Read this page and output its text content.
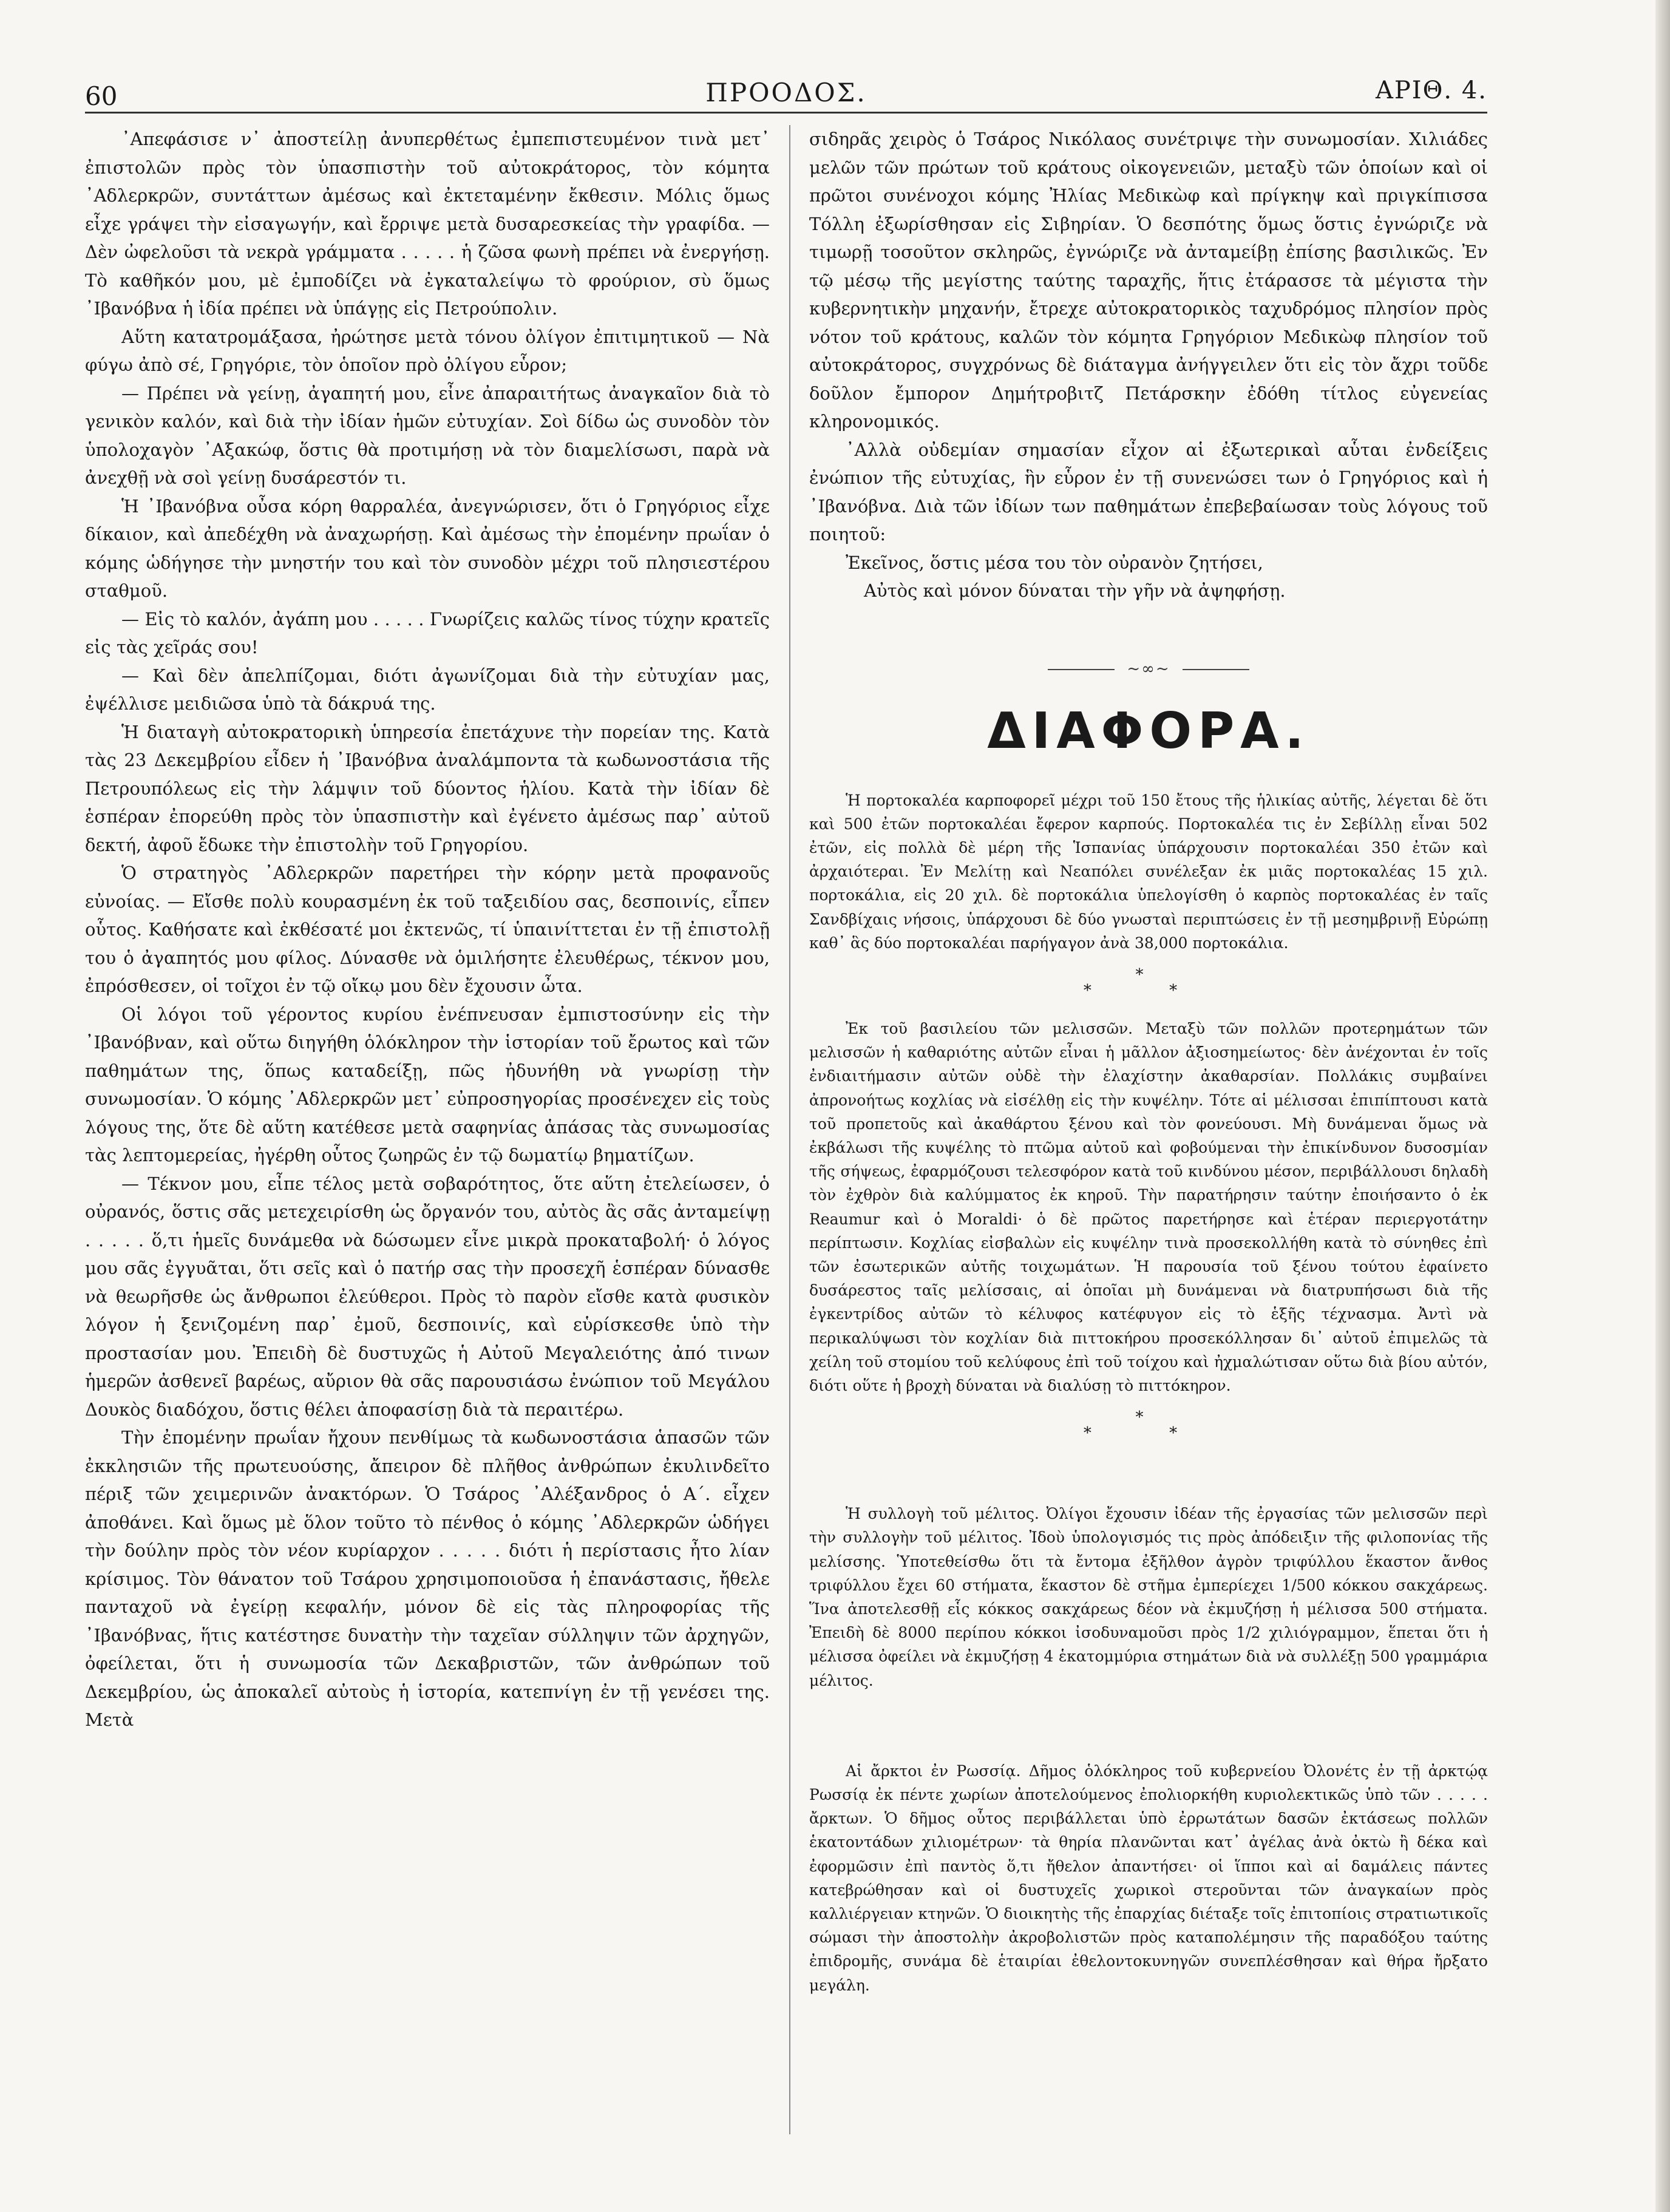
60	ΠΡΟΟΔΟΣ.	ΑΡΙΘ. 4.

᾿Απεφάσισε ν᾿ ἀποστείλῃ ἀνυπερθέτως ἐμπεπιστευμένον τινὰ μετ᾿ ἐπιστολῶν πρὸς τὸν ὑπασπιστὴν τοῦ αὐτοκράτορος, τὸν κόμητα ᾿Αδλερκρῶν, συντάττων ἀμέσως καὶ ἐκτεταμένην ἔκθεσιν. Μόλις ὅμως εἶχε γράψει τὴν εἰσαγωγήν, καὶ ἔρριψε μετὰ δυσαρεσκείας τὴν γραφίδα. — Δὲν ὠφελοῦσι τὰ νεκρὰ γράμματα . . . . . ἡ ζῶσα φωνὴ πρέπει νὰ ἐνεργήσῃ. Τὸ καθῆκόν μου, μὲ ἐμποδίζει νὰ ἐγκαταλείψω τὸ φρούριον, σὺ ὅμως ᾿Ιβανόβνα ἡ ἰδία πρέπει νὰ ὑπάγῃς εἰς Πετρούπολιν.

Αὕτη κατατρομάξασα, ἠρώτησε μετὰ τόνου ὀλίγον ἐπιτιμητικοῦ — Νὰ φύγω ἀπὸ σέ, Γρηγόριε, τὸν ὁποῖον πρὸ ὀλίγου εὗρον;

— Πρέπει νὰ γείνῃ, ἀγαπητή μου, εἶνε ἀπαραιτήτως ἀναγκαῖον διὰ τὸ γενικὸν καλόν, καὶ διὰ τὴν ἰδίαν ἡμῶν εὐτυχίαν. Σοὶ δίδω ὡς συνοδὸν τὸν ὑπολοχαγὸν ᾿Αξακώφ, ὅστις θὰ προτιμήσῃ νὰ τὸν διαμελίσωσι, παρὰ νὰ ἀνεχθῇ νὰ σοὶ γείνῃ δυσάρεστόν τι.

Ἡ ᾿Ιβανόβνα οὖσα κόρη θαρραλέα, ἀνεγνώρισεν, ὅτι ὁ Γρηγόριος εἶχε δίκαιον, καὶ ἀπεδέχθη νὰ ἀναχωρήσῃ. Καὶ ἀμέσως τὴν ἐπομένην πρωΐαν ὁ κόμης ὡδήγησε τὴν μνηστήν του καὶ τὸν συνοδὸν μέχρι τοῦ πλησιεστέρου σταθμοῦ.

— Εἰς τὸ καλόν, ἀγάπη μου . . . . . Γνωρίζεις καλῶς τίνος τύχην κρατεῖς εἰς τὰς χεῖράς σου!

— Καὶ δὲν ἀπελπίζομαι, διότι ἀγωνίζομαι διὰ τὴν εὐτυχίαν μας, ἐψέλλισε μειδιῶσα ὑπὸ τὰ δάκρυά της.

Ἡ διαταγὴ αὐτοκρατορικὴ ὑπηρεσία ἐπετάχυνε τὴν πορείαν της. Κατὰ τὰς 23 Δεκεμβρίου εἶδεν ἡ ᾿Ιβανόβνα ἀναλάμποντα τὰ κωδωνοστάσια τῆς Πετρουπόλεως εἰς τὴν λάμψιν τοῦ δύοντος ἡλίου. Κατὰ τὴν ἰδίαν δὲ ἑσπέραν ἐπορεύθη πρὸς τὸν ὑπασπιστὴν καὶ ἐγένετο ἀμέσως παρ᾿ αὐτοῦ δεκτή, ἀφοῦ ἔδωκε τὴν ἐπιστολὴν τοῦ Γρηγορίου.

Ὁ στρατηγὸς ᾿Αδλερκρῶν παρετήρει τὴν κόρην μετὰ προφανοῦς εὐνοίας. — Εἴσθε πολὺ κουρασμένη ἐκ τοῦ ταξειδίου σας, δεσποινίς, εἶπεν οὗτος. Καθήσατε καὶ ἐκθέσατέ μοι ἐκτενῶς, τί ὑπαινίττεται ἐν τῇ ἐπιστολῇ του ὁ ἀγαπητός μου φίλος. Δύνασθε νὰ ὁμιλήσητε ἐλευθέρως, τέκνον μου, ἐπρόσθεσεν, οἱ τοῖχοι ἐν τῷ οἴκῳ μου δὲν ἔχουσιν ὦτα.

Οἱ λόγοι τοῦ γέροντος κυρίου ἐνέπνευσαν ἐμπιστοσύνην εἰς τὴν ᾿Ιβανόβναν, καὶ οὕτω διηγήθη ὁλόκληρον τὴν ἱστορίαν τοῦ ἔρωτος καὶ τῶν παθημάτων της, ὅπως καταδείξῃ, πῶς ἠδυνήθη νὰ γνωρίσῃ τὴν συνωμοσίαν. Ὁ κόμης ᾿Αδλερκρῶν μετ᾿ εὐπροσηγορίας προσένεχεν εἰς τοὺς λόγους της, ὅτε δὲ αὕτη κατέθεσε μετὰ σαφηνίας ἁπάσας τὰς συνωμοσίας τὰς λεπτομερείας, ἠγέρθη οὗτος ζωηρῶς ἐν τῷ δωματίῳ βηματίζων.

— Τέκνον μου, εἶπε τέλος μετὰ σοβαρότητος, ὅτε αὕτη ἐτελείωσεν, ὁ οὐρανός, ὅστις σᾶς μετεχειρίσθη ὡς ὄργανόν του, αὐτὸς ἂς σᾶς ἀνταμείψῃ . . . . . ὅ,τι ἡμεῖς δυνάμεθα νὰ δώσωμεν εἶνε μικρὰ προκαταβολή· ὁ λόγος μου σᾶς ἐγγυᾶται, ὅτι σεῖς καὶ ὁ πατήρ σας τὴν προσεχῆ ἑσπέραν δύνασθε νὰ θεωρῆσθε ὡς ἄνθρωποι ἐλεύθεροι. Πρὸς τὸ παρὸν εἴσθε κατὰ φυσικὸν λόγον ἡ ξενιζομένη παρ᾿ ἐμοῦ, δεσποινίς, καὶ εὑρίσκεσθε ὑπὸ τὴν προστασίαν μου. Ἐπειδὴ δὲ δυστυχῶς ἡ Αὐτοῦ Μεγαλειότης ἀπό τινων ἡμερῶν ἀσθενεῖ βαρέως, αὔριον θὰ σᾶς παρουσιάσω ἐνώπιον τοῦ Μεγάλου Δουκὸς διαδόχου, ὅστις θέλει ἀποφασίσῃ διὰ τὰ περαιτέρω.

Τὴν ἐπομένην πρωΐαν ἤχουν πενθίμως τὰ κωδωνοστάσια ἁπασῶν τῶν ἐκκλησιῶν τῆς πρωτευούσης, ἄπειρον δὲ πλῆθος ἀνθρώπων ἐκυλινδεῖτο πέριξ τῶν χειμερινῶν ἀνακτόρων. Ὁ Τσάρος ᾿Αλέξανδρος ὁ Α΄. εἶχεν ἀποθάνει. Καὶ ὅμως μὲ ὅλον τοῦτο τὸ πένθος ὁ κόμης ᾿Αδλερκρῶν ὡδήγει τὴν δούλην πρὸς τὸν νέον κυρίαρχον . . . . . διότι ἡ περίστασις ἦτο λίαν κρίσιμος. Τὸν θάνατον τοῦ Τσάρου χρησιμοποιοῦσα ἡ ἐπανάστασις, ἤθελε πανταχοῦ νὰ ἐγείρῃ κεφαλήν, μόνον δὲ εἰς τὰς πληροφορίας τῆς ᾿Ιβανόβνας, ἥτις κατέστησε δυνατὴν τὴν ταχεῖαν σύλληψιν τῶν ἀρχηγῶν, ὀφείλεται, ὅτι ἡ συνωμοσία τῶν Δεκαβριστῶν, τῶν ἀνθρώπων τοῦ Δεκεμβρίου, ὡς ἀποκαλεῖ αὐτοὺς ἡ ἱστορία, κατεπνίγη ἐν τῇ γενέσει της. Μετὰ

σιδηρᾶς χειρὸς ὁ Τσάρος Νικόλαος συνέτριψε τὴν συνωμοσίαν. Χιλιάδες μελῶν τῶν πρώτων τοῦ κράτους οἰκογενειῶν, μεταξὺ τῶν ὁποίων καὶ οἱ πρῶτοι συνένοχοι κόμης Ἠλίας Μεδικὼφ καὶ πρίγκηψ καὶ πριγκίπισσα Τόλλη ἐξωρίσθησαν εἰς Σιβηρίαν. Ὁ δεσπότης ὅμως ὅστις ἐγνώριζε νὰ τιμωρῇ τοσοῦτον σκληρῶς, ἐγνώριζε νὰ ἀνταμείβῃ ἐπίσης βασιλικῶς. Ἐν τῷ μέσῳ τῆς μεγίστης ταύτης ταραχῆς, ἥτις ἐτάρασσε τὰ μέγιστα τὴν κυβερνητικὴν μηχανήν, ἔτρεχε αὐτοκρατορικὸς ταχυδρόμος πλησίον πρὸς νότον τοῦ κράτους, καλῶν τὸν κόμητα Γρηγόριον Μεδικὼφ πλησίον τοῦ αὐτοκράτορος, συγχρόνως δὲ διάταγμα ἀνήγγειλεν ὅτι εἰς τὸν ἄχρι τοῦδε δοῦλον ἔμπορον Δημήτροβιτζ Πετάρσκην ἐδόθη τίτλος εὐγενείας κληρονομικός.

᾿Αλλὰ οὐδεμίαν σημασίαν εἶχον αἱ ἐξωτερικαὶ αὗται ἐνδείξεις ἐνώπιον τῆς εὐτυχίας, ἣν εὗρον ἐν τῇ συνενώσει των ὁ Γρηγόριος καὶ ἡ ᾿Ιβανόβνα. Διὰ τῶν ἰδίων των παθημάτων ἐπεβεβαίωσαν τοὺς λόγους τοῦ ποιητοῦ:

Ἐκεῖνος, ὅστις μέσα του τὸν οὐρανὸν ζητήσει,
Αὐτὸς καὶ μόνον δύναται τὴν γῆν νὰ ἀψηφήσῃ.
~∞~
ΔΙΑΦΟΡΑ.

Ἡ πορτοκαλέα καρποφορεῖ μέχρι τοῦ 150 ἔτους τῆς ἡλικίας αὐτῆς, λέγεται δὲ ὅτι καὶ 500 ἐτῶν πορτοκαλέαι ἔφερον καρπούς. Πορτοκαλέα τις ἐν Σεβίλλῃ εἶναι 502 ἐτῶν, εἰς πολλὰ δὲ μέρη τῆς Ἱσπανίας ὑπάρχουσιν πορτοκαλέαι 350 ἐτῶν καὶ ἀρχαιότεραι. Ἐν Μελίτῃ καὶ Νεαπόλει συνέλεξαν ἐκ μιᾶς πορτοκαλέας 15 χιλ. πορτοκάλια, εἰς 20 χιλ. δὲ πορτοκάλια ὑπελογίσθη ὁ καρπὸς πορτοκαλέας ἐν ταῖς Σανδβίχαις νήσοις, ὑπάρχουσι δὲ δύο γνωσταὶ περιπτώσεις ἐν τῇ μεσημβρινῇ Εὐρώπῃ καθ᾿ ἃς δύο πορτοκαλέαι παρήγαγον ἀνὰ 38,000 πορτοκάλια.

*
* *

Ἐκ τοῦ βασιλείου τῶν μελισσῶν. Μεταξὺ τῶν πολλῶν προτερημάτων τῶν μελισσῶν ἡ καθαριότης αὐτῶν εἶναι ἡ μᾶλλον ἀξιοσημείωτος· δὲν ἀνέχονται ἐν τοῖς ἐνδιαιτήμασιν αὐτῶν οὐδὲ τὴν ἐλαχίστην ἀκαθαρσίαν. Πολλάκις συμβαίνει ἀπρονοήτως κοχλίας νὰ εἰσέλθῃ εἰς τὴν κυψέλην. Τότε αἱ μέλισσαι ἐπιπίπτουσι κατὰ τοῦ προπετοῦς καὶ ἀκαθάρτου ξένου καὶ τὸν φονεύουσι. Μὴ δυνάμεναι ὅμως νὰ ἐκβάλωσι τῆς κυψέλης τὸ πτῶμα αὐτοῦ καὶ φοβούμεναι τὴν ἐπικίνδυνον δυσοσμίαν τῆς σήψεως, ἐφαρμόζουσι τελεσφόρον κατὰ τοῦ κινδύνου μέσον, περιβάλλουσι δηλαδὴ τὸν ἐχθρὸν διὰ καλύμματος ἐκ κηροῦ. Τὴν παρατήρησιν ταύτην ἐποιήσαντο ὁ ἐκ Reaumur καὶ ὁ Moraldi· ὁ δὲ πρῶτος παρετήρησε καὶ ἑτέραν περιεργοτάτην περίπτωσιν. Κοχλίας εἰσβαλὼν εἰς κυψέλην τινὰ προσεκολλήθη κατὰ τὸ σύνηθες ἐπὶ τῶν ἐσωτερικῶν αὐτῆς τοιχωμάτων. Ἡ παρουσία τοῦ ξένου τούτου ἐφαίνετο δυσάρεστος ταῖς μελίσσαις, αἱ ὁποῖαι μὴ δυνάμεναι νὰ διατρυπήσωσι διὰ τῆς ἐγκεντρίδος αὐτῶν τὸ κέλυφος κατέφυγον εἰς τὸ ἑξῆς τέχνασμα. Ἀντὶ νὰ περικαλύψωσι τὸν κοχλίαν διὰ πιττοκήρου προσεκόλλησαν δι᾿ αὐτοῦ ἐπιμελῶς τὰ χείλη τοῦ στομίου τοῦ κελύφους ἐπὶ τοῦ τοίχου καὶ ἠχμαλώτισαν οὕτω διὰ βίου αὐτόν, διότι οὕτε ἡ βροχὴ δύναται νὰ διαλύσῃ τὸ πιττόκηρον.

*
* *

Ἡ συλλογὴ τοῦ μέλιτος. Ὀλίγοι ἔχουσιν ἰδέαν τῆς ἐργασίας τῶν μελισσῶν περὶ τὴν συλλογὴν τοῦ μέλιτος. Ἰδοὺ ὑπολογισμός τις πρὸς ἀπόδειξιν τῆς φιλοπονίας τῆς μελίσσης. Ὑποτεθείσθω ὅτι τὰ ἔντομα ἐξῆλθον ἀγρὸν τριφύλλου ἕκαστον ἄνθος τριφύλλου ἔχει 60 στήματα, ἕκαστον δὲ στῆμα ἐμπερίεχει 1/500 κόκκου σακχάρεως. Ἵνα ἀποτελεσθῇ εἷς κόκκος σακχάρεως δέον νὰ ἐκμυζήσῃ ἡ μέλισσα 500 στήματα. Ἐπειδὴ δὲ 8000 περίπου κόκκοι ἰσοδυναμοῦσι πρὸς 1/2 χιλιόγραμμον, ἕπεται ὅτι ἡ μέλισσα ὀφείλει νὰ ἐκμυζήσῃ 4 ἑκατομμύρια στημάτων διὰ νὰ συλλέξῃ 500 γραμμάρια μέλιτος.

Αἱ ἄρκτοι ἐν Ρωσσίᾳ. Δῆμος ὁλόκληρος τοῦ κυβερνείου Ὀλονέτς ἐν τῇ ἀρκτῴᾳ Ρωσσίᾳ ἐκ πέντε χωρίων ἀποτελούμενος ἐπολιορκήθη κυριολεκτικῶς ὑπὸ τῶν . . . . . ἄρκτων. Ὁ δῆμος οὗτος περιβάλλεται ὑπὸ ἐρρωτάτων δασῶν ἐκτάσεως πολλῶν ἑκατοντάδων χιλιομέτρων· τὰ θηρία πλανῶνται κατ᾿ ἀγέλας ἀνὰ ὀκτὼ ἢ δέκα καὶ ἐφορμῶσιν ἐπὶ παντὸς ὅ,τι ἤθελον ἀπαντήσει· οἱ ἵπποι καὶ αἱ δαμάλεις πάντες κατεβρώθησαν καὶ οἱ δυστυχεῖς χωρικοὶ στεροῦνται τῶν ἀναγκαίων πρὸς καλλιέργειαν κτηνῶν. Ὁ διοικητὴς τῆς ἐπαρχίας διέταξε τοῖς ἐπιτοπίοις στρατιωτικοῖς σώμασι τὴν ἀποστολὴν ἀκροβολιστῶν πρὸς καταπολέμησιν τῆς παραδόξου ταύτης ἐπιδρομῆς, συνάμα δὲ ἑταιρίαι ἐθελοντοκυνηγῶν συνεπλέσθησαν καὶ θήρα ἤρξατο μεγάλη.
